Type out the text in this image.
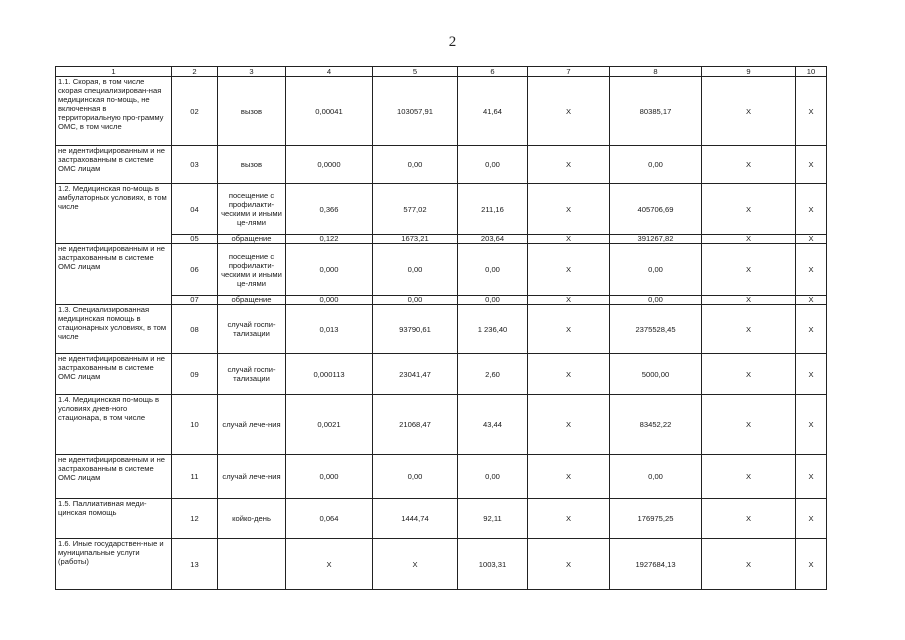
2
1	2	3	4	5	6	7	8	9	10
1.1. Скорая, в том числе скорая специализирован-ная медицинская по-мощь, не включенная в территориальную про-грамму ОМС, в том числе	02	вызов	0,00041	103057,91	41,64	X	80385,17	X	X
не идентифицированным и не застрахованным в системе ОМС лицам	03	вызов	0,0000	0,00	0,00	X	0,00	X	X
1.2. Медицинская по-мощь в амбулаторных условиях, в том числе	04	посещение с профилакти-ческими и иными це-лями	0,366	577,02	211,16	X	405706,69	X	X
	05	обращение	0,122	1673,21	203,64	X	391267,82	X	X
не идентифицированным и не застрахованным в системе ОМС лицам	06	посещение с профилакти-ческими и иными це-лями	0,000	0,00	0,00	X	0,00	X	X
	07	обращение	0,000	0,00	0,00	X	0,00	X	X
1.3. Специализированная медицинская помощь в стационарных условиях, в том числе	08	случай госпи-тализации	0,013	93790,61	1 236,40	X	2375528,45	X	X
не идентифицированным и не застрахованным в системе ОМС лицам	09	случай госпи-тализации	0,000113	23041,47	2,60	X	5000,00	X	X
1.4. Медицинская по-мощь в условиях днев-ного стационара, в том числе	10	случай лече-ния	0,0021	21068,47	43,44	X	83452,22	X	X
не идентифицированным и не застрахованным в системе ОМС лицам	11	случай лече-ния	0,000	0,00	0,00	X	0,00	X	X
1.5. Паллиативная меди-цинская помощь	12	койко-день	0,064	1444,74	92,11	X	176975,25	X	X
1.6. Иные государствен-ные и муниципальные услуги (работы)	13		X	X	1003,31	X	1927684,13	X	X
